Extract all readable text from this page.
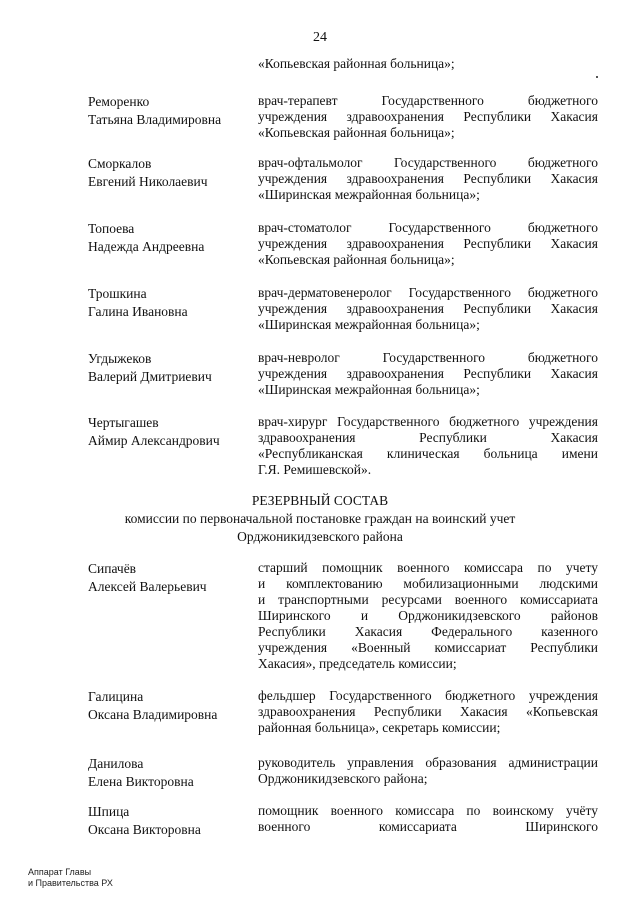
24
«Копьевская районная больница»;
Реморенко
Татьяна Владимировна
врач-терапевт Государственного бюджетного
учреждения здравоохранения Республики Хакасия
«Копьевская районная больница»;
Сморкалов
Евгений Николаевич
врач-офтальмолог Государственного бюджетного
учреждения здравоохранения Республики Хакасия
«Ширинская межрайонная больница»;
Топоева
Надежда Андреевна
врач-стоматолог Государственного бюджетного
учреждения здравоохранения Республики Хакасия
«Копьевская районная больница»;
Трошкина
Галина Ивановна
врач-дерматовенеролог Государственного бюджетного
учреждения здравоохранения Республики Хакасия
«Ширинская межрайонная больница»;
Угдыжеков
Валерий Дмитриевич
врач-невролог Государственного бюджетного
учреждения здравоохранения Республики Хакасия
«Ширинская межрайонная больница»;
Чертыгашев
Аймир Александрович
врач-хирург Государственного бюджетного учреждения
здравоохранения Республики Хакасия
«Республиканская клиническая больница имени
Г.Я. Ремишевской».
РЕЗЕРВНЫЙ СОСТАВ
комиссии по первоначальной постановке граждан на воинский учет
Орджоникидзевского района
Сипачёв
Алексей Валерьевич
старший помощник военного комиссара по учету
и комплектованию мобилизационными людскими
и транспортными ресурсами военного комиссариата
Ширинского и Орджоникидзевского районов
Республики Хакасия Федерального казенного
учреждения «Военный комиссариат Республики
Хакасия», председатель комиссии;
Галицина
Оксана Владимировна
фельдшер Государственного бюджетного учреждения
здравоохранения Республики Хакасия «Копьевская
районная больница», секретарь комиссии;
Данилова
Елена Викторовна
руководитель управления образования администрации
Орджоникидзевского района;
Шпица
Оксана Викторовна
помощник военного комиссара по воинскому учёту
военного комиссариата Ширинского
Аппарат Главы
и Правительства РХ
